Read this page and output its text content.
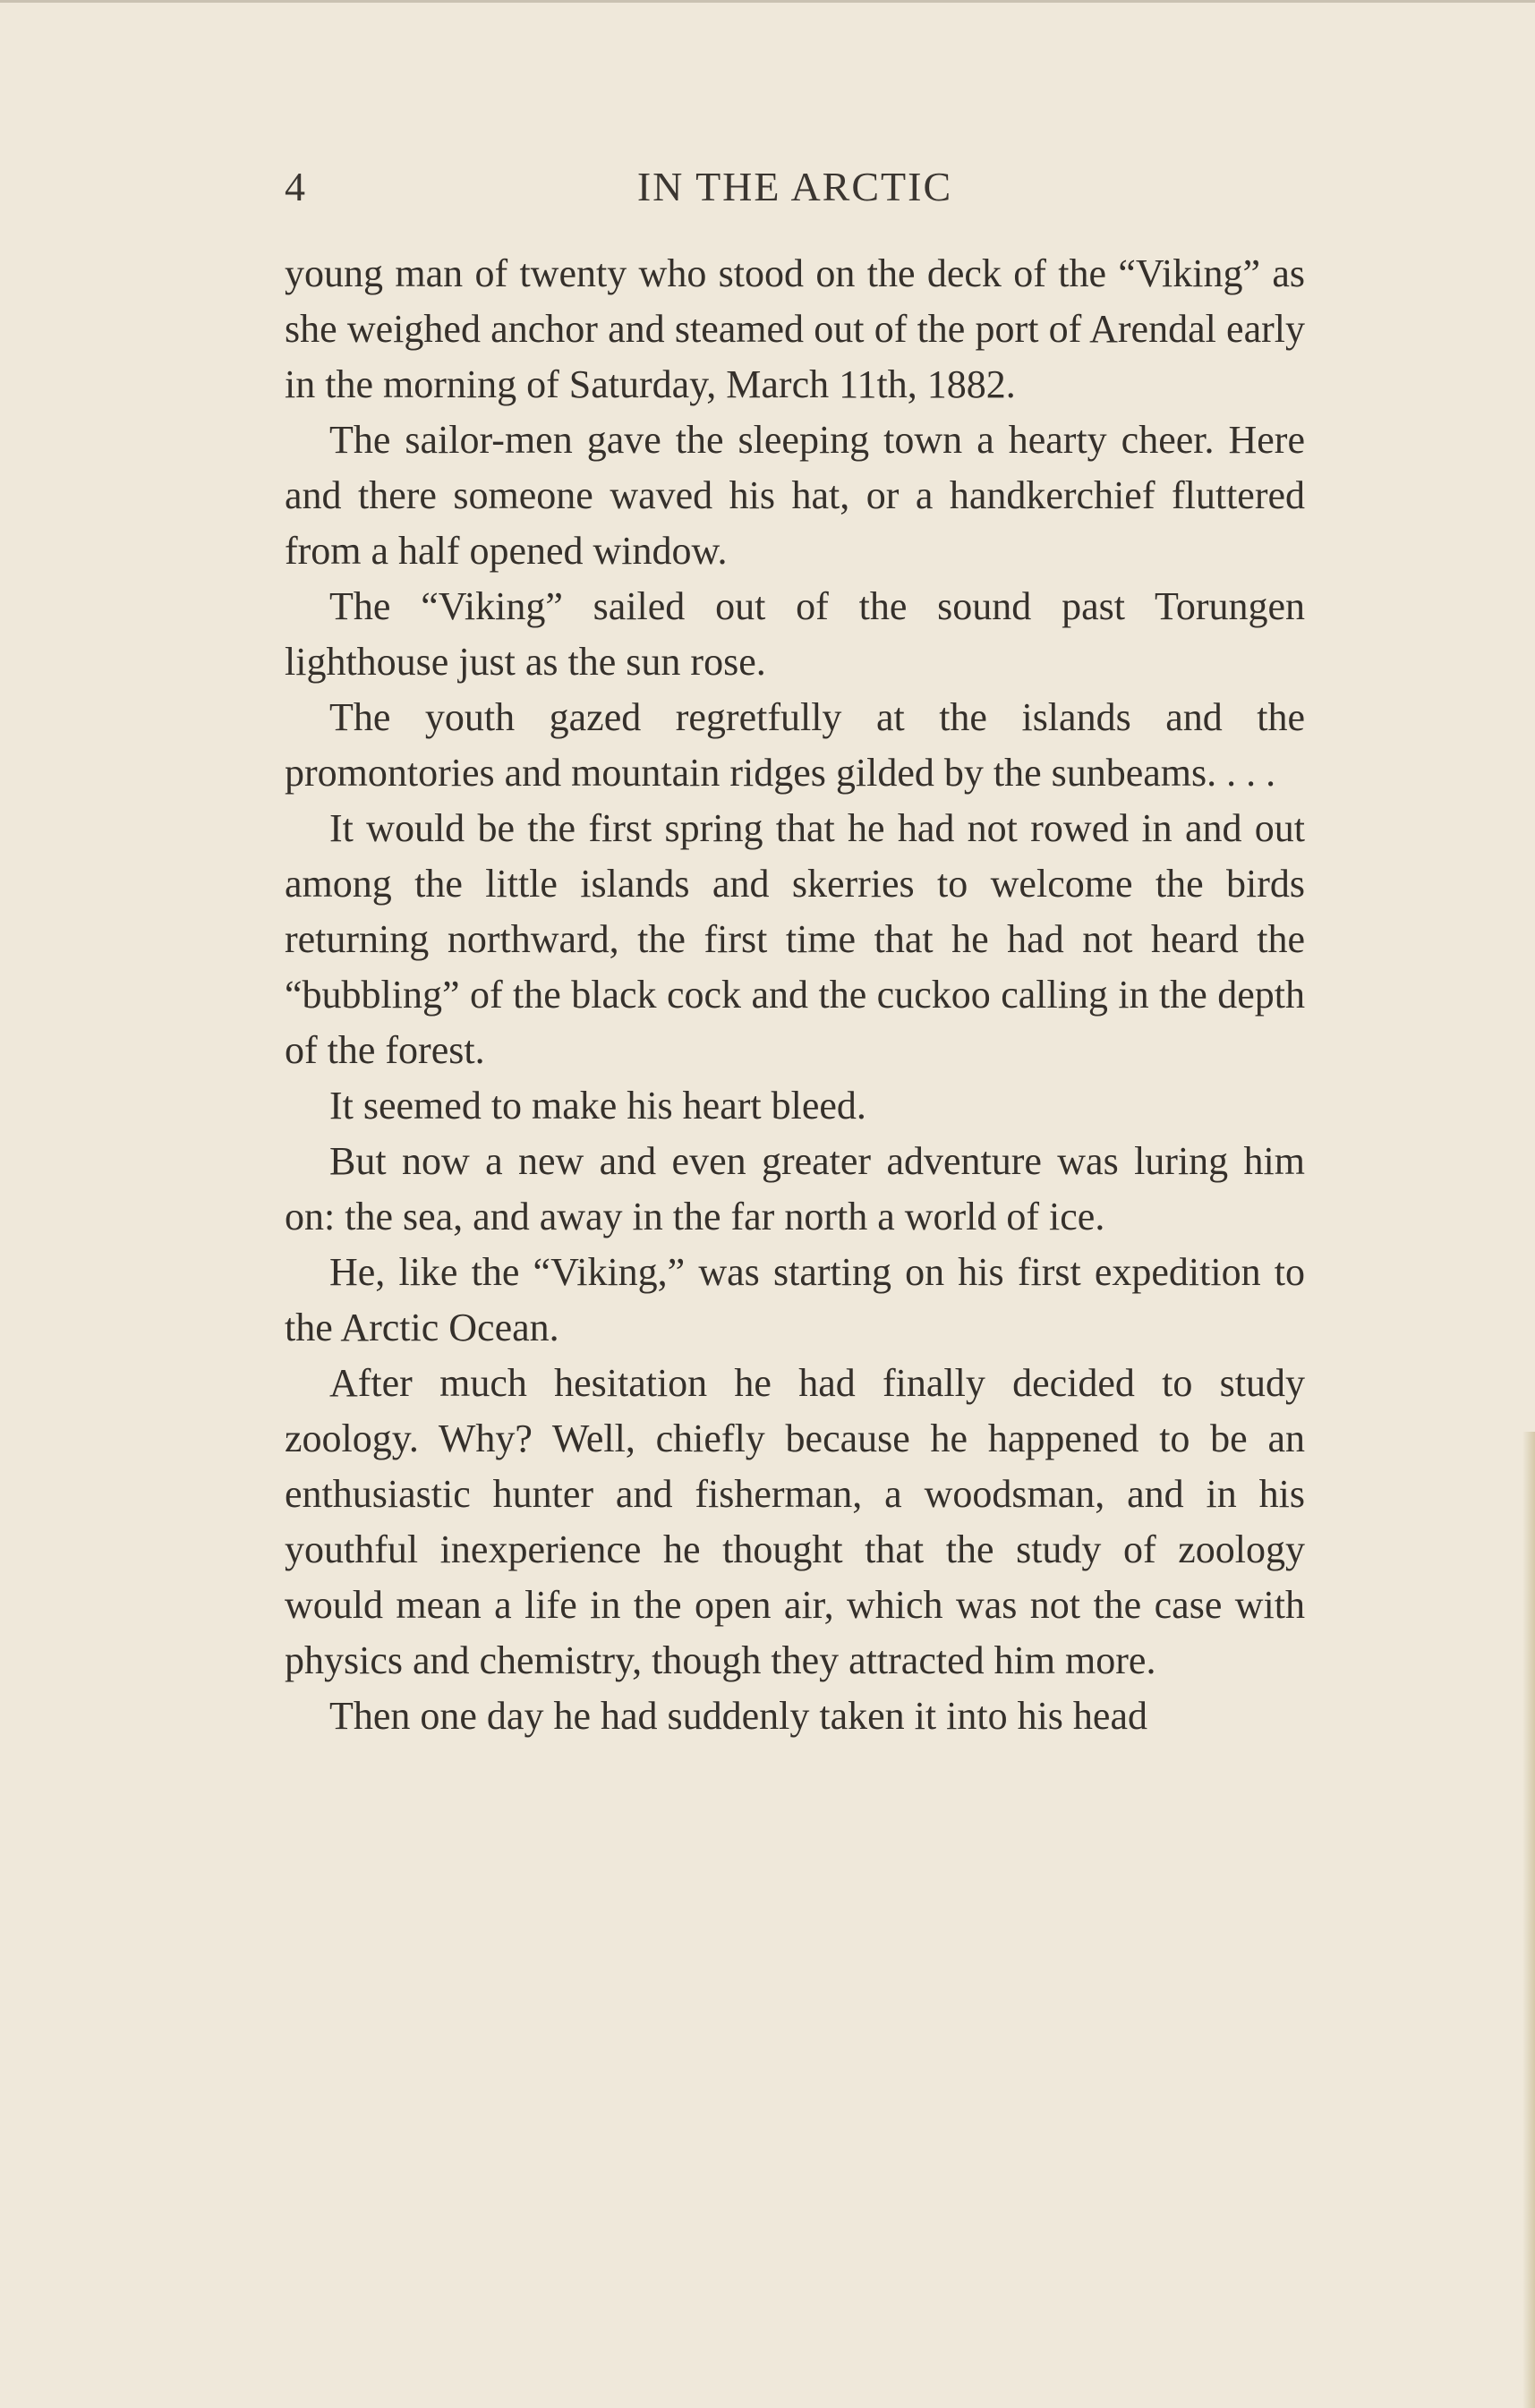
4	IN THE ARCTIC

young man of twenty who stood on the deck of the “Viking” as she weighed anchor and steamed out of the port of Arendal early in the morning of Saturday, March 11th, 1882.

The sailor-men gave the sleeping town a hearty cheer. Here and there someone waved his hat, or a handkerchief fluttered from a half opened window.

The “Viking” sailed out of the sound past Torungen lighthouse just as the sun rose.

The youth gazed regretfully at the islands and the promontories and mountain ridges gilded by the sunbeams. . . .

It would be the first spring that he had not rowed in and out among the little islands and skerries to welcome the birds returning northward, the first time that he had not heard the “bubbling” of the black cock and the cuckoo calling in the depth of the forest.

It seemed to make his heart bleed.

But now a new and even greater adventure was luring him on: the sea, and away in the far north a world of ice.

He, like the “Viking,” was starting on his first expedition to the Arctic Ocean.

After much hesitation he had finally decided to study zoology. Why? Well, chiefly because he happened to be an enthusiastic hunter and fisherman, a woodsman, and in his youthful inexperience he thought that the study of zoology would mean a life in the open air, which was not the case with physics and chemistry, though they attracted him more.

Then one day he had suddenly taken it into his head
